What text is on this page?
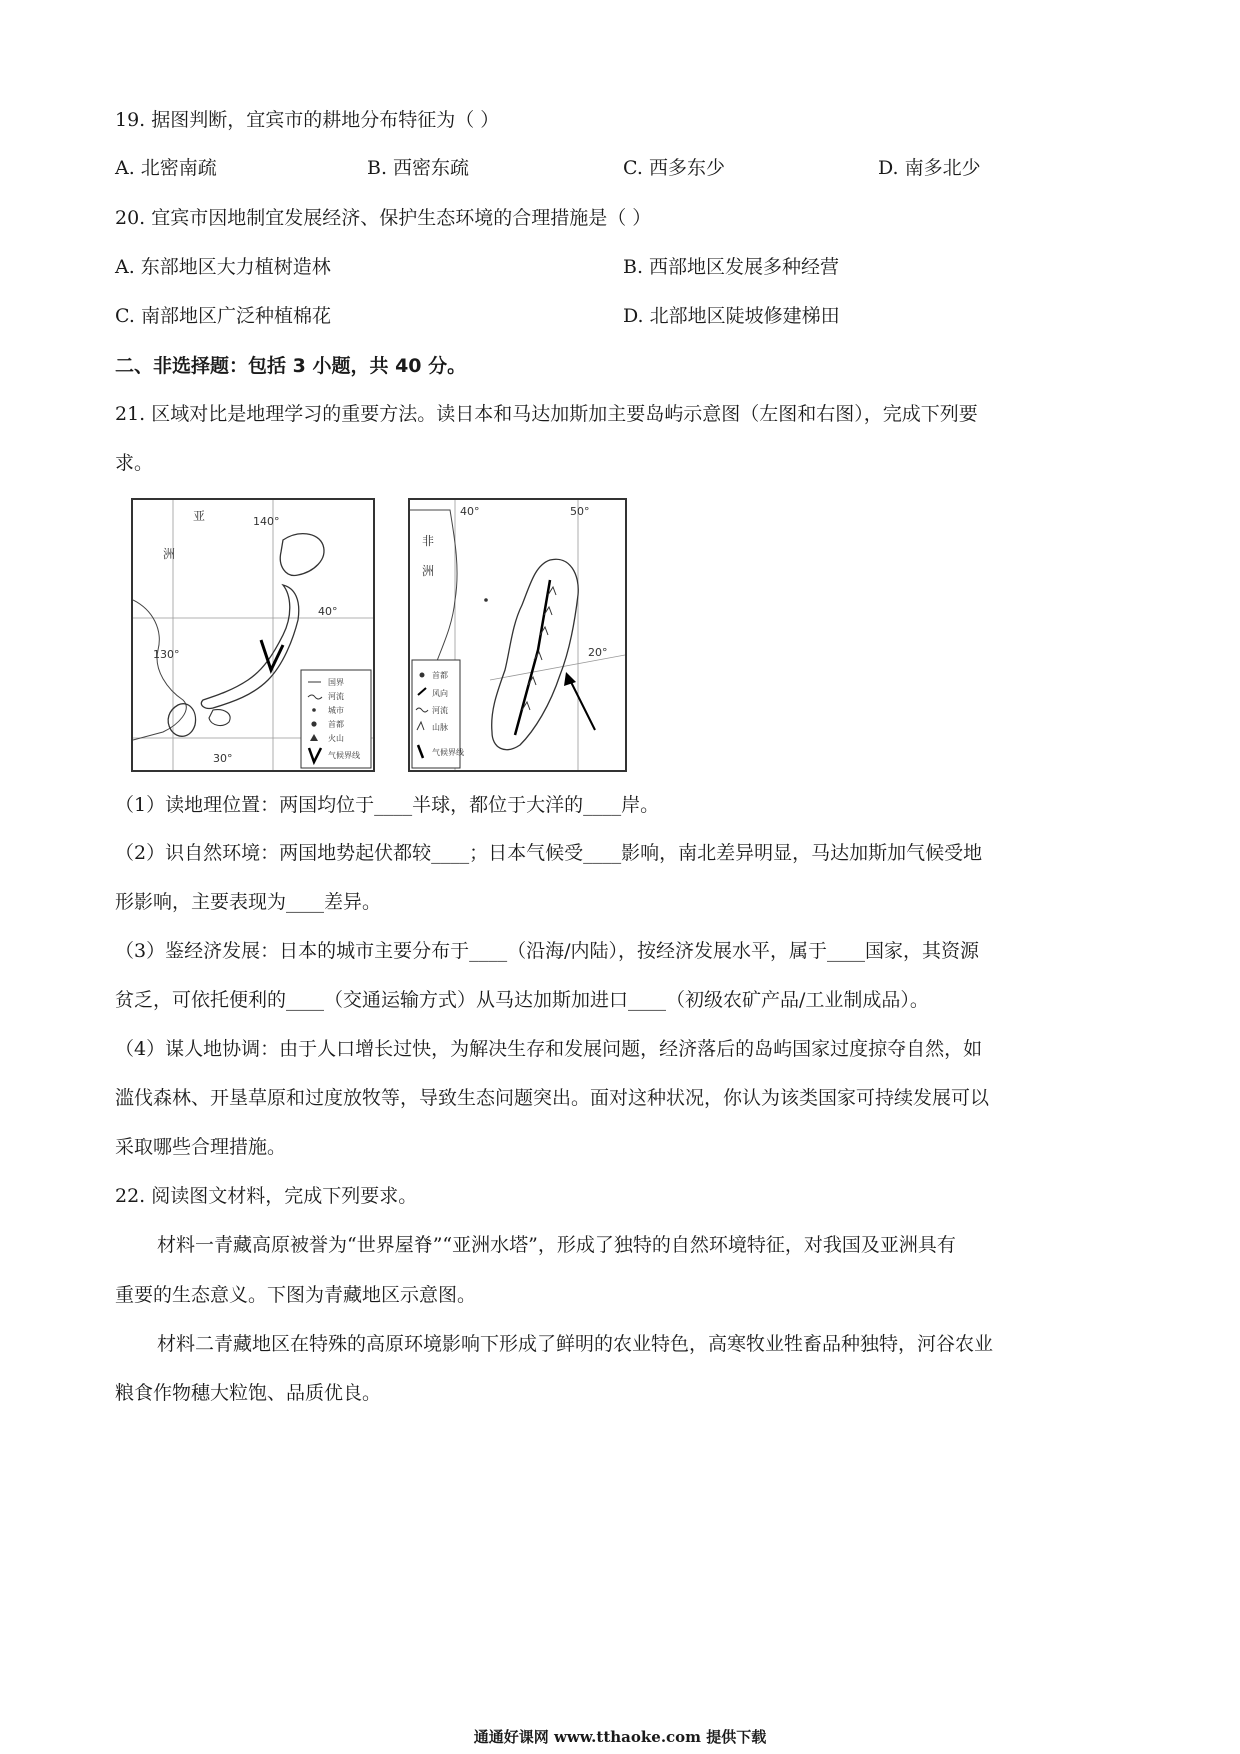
19. 据图判断，宜宾市的耕地分布特征为（ ）
A. 北密南疏	B. 西密东疏	C. 西多东少	D. 南多北少
20. 宜宾市因地制宜发展经济、保护生态环境的合理措施是（ ）
A. 东部地区大力植树造林	B. 西部地区发展多种经营
C. 南部地区广泛种植棉花	D. 北部地区陡坡修建梯田
二、非选择题：包括 3 小题，共 40 分。
21. 区域对比是地理学习的重要方法。读日本和马达加斯加主要岛屿示意图（左图和右图），完成下列要
求。
亚
洲
140°
40°
130°
30°
国界
河流
城市
首都
火山
气候界线
40°	50°
非
洲
20°
首都
风向
河流
山脉
气候界线
（1）读地理位置：两国均位于____半球，都位于大洋的____岸。
（2）识自然环境：两国地势起伏都较____；日本气候受____影响，南北差异明显，马达加斯加气候受地
形影响，主要表现为____差异。
（3）鉴经济发展：日本的城市主要分布于____（沿海/内陆），按经济发展水平，属于____国家，其资源
贫乏，可依托便利的____（交通运输方式）从马达加斯加进口____（初级农矿产品/工业制成品）。
（4）谋人地协调：由于人口增长过快，为解决生存和发展问题，经济落后的岛屿国家过度掠夺自然，如
滥伐森林、开垦草原和过度放牧等，导致生态问题突出。面对这种状况，你认为该类国家可持续发展可以
采取哪些合理措施。
22. 阅读图文材料，完成下列要求。
材料一青藏高原被誉为“世界屋脊”“亚洲水塔”，形成了独特的自然环境特征，对我国及亚洲具有
重要的生态意义。下图为青藏地区示意图。
材料二青藏地区在特殊的高原环境影响下形成了鲜明的农业特色，高寒牧业牲畜品种独特，河谷农业
粮食作物穗大粒饱、品质优良。
通通好课网 www.tthaoke.com 提供下载
